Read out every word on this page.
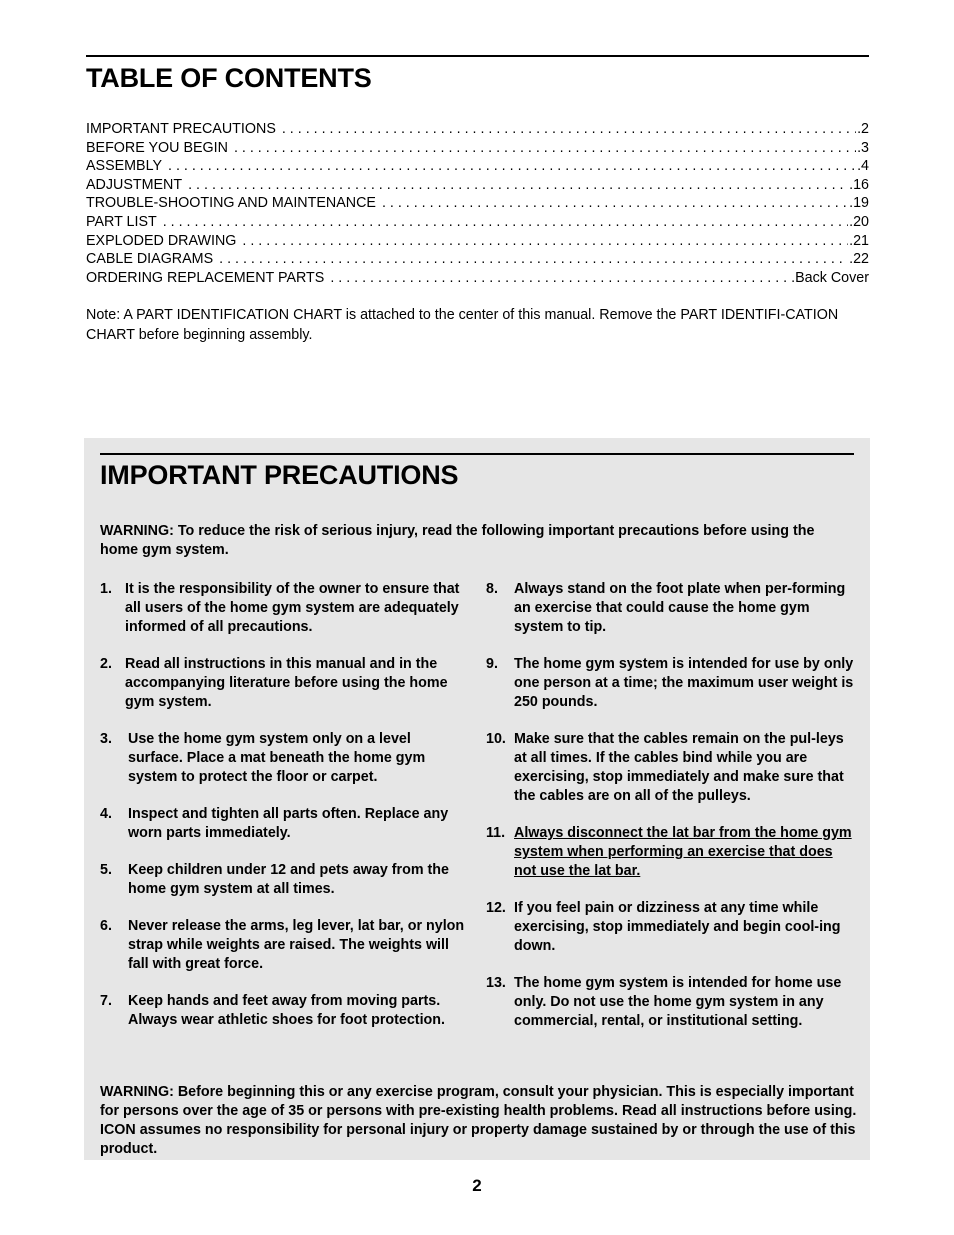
TABLE OF CONTENTS
IMPORTANT PRECAUTIONS . . .	.2
BEFORE YOU BEGIN . . .	.3
ASSEMBLY . . .	.4
ADJUSTMENT . . .	.16
TROUBLE-SHOOTING AND MAINTENANCE . . .	.19
PART LIST . . .	.20
EXPLODED DRAWING . . .	.21
CABLE DIAGRAMS . . .	.22
ORDERING REPLACEMENT PARTS . . .	.Back Cover

Note: A PART IDENTIFICATION CHART is attached to the center of this manual. Remove the PART IDENTIFI-CATION CHART before beginning assembly.

IMPORTANT PRECAUTIONS

WARNING: To reduce the risk of serious injury, read the following important precautions before using the home gym system.

1. It is the responsibility of the owner to ensure that all users of the home gym system are adequately informed of all precautions.
2. Read all instructions in this manual and in the accompanying literature before using the home gym system.
3.	Use the home gym system only on a level surface. Place a mat beneath the home gym system to protect the floor or carpet.
4.	Inspect and tighten all parts often. Replace any worn parts immediately.
5.	Keep children under 12 and pets away from the home gym system at all times.
6.	Never release the arms, leg lever, lat bar, or nylon strap while weights are raised. The weights will fall with great force.
7.	Keep hands and feet away from moving parts. Always wear athletic shoes for foot protection.
8.	Always stand on the foot plate when per-forming an exercise that could cause the home gym system to tip.
9.	The home gym system is intended for use by only one person at a time; the maximum user weight is 250 pounds.
10. Make sure that the cables remain on the pul-leys at all times. If the cables bind while you are exercising, stop immediately and make sure that the cables are on all of the pulleys.
11. Always disconnect the lat bar from the home gym system when performing an exercise that does not use the lat bar.
12. If you feel pain or dizziness at any time while exercising, stop immediately and begin cool-ing down.
13. The home gym system is intended for home use only. Do not use the home gym system in any commercial, rental, or institutional setting.

WARNING: Before beginning this or any exercise program, consult your physician. This is especially important for persons over the age of 35 or persons with pre-existing health problems. Read all instructions before using. ICON assumes no responsibility for personal injury or property damage sustained by or through the use of this product.

2
